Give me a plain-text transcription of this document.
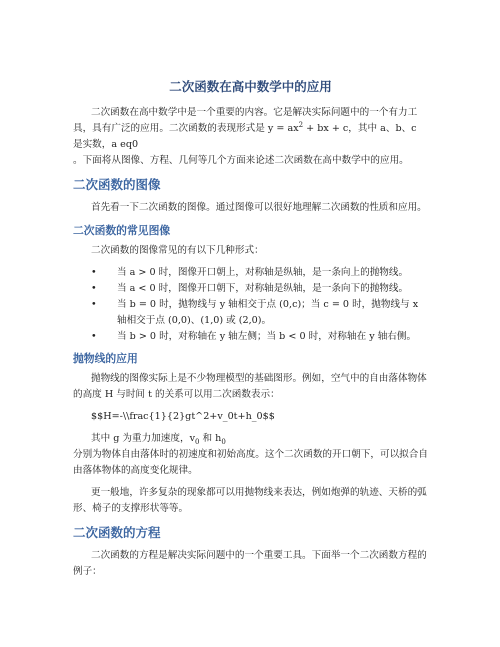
二次函数在高中数学中的应用

二次函数在高中数学中是一个重要的内容。它是解决实际问题中的一个有力工具，具有广泛的应用。二次函数的表现形式是 $y = ax^2$ + bx + c，其中 a、b、c 是实数，a eq0
。下面将从图像、方程、几何等几个方面来论述二次函数在高中数学中的应用。

二次函数的图像

首先看一下二次函数的图像。通过图像可以很好地理解二次函数的性质和应用。

二次函数的常见图像

二次函数的图像常见的有以下几种形式：

• 当 a > 0 时，图像开口朝上，对称轴是纵轴，是一条向上的抛物线。
• 当 a < 0 时，图像开口朝下，对称轴是纵轴，是一条向下的抛物线。
• 当 b = 0 时，抛物线与 y 轴相交于点 (0,c)；当 c = 0 时，抛物线与 x 轴相交于点 (0,0)、(1,0) 或 (2,0)。
• 当 b > 0 时，对称轴在 y 轴左侧；当 b < 0 时，对称轴在 y 轴右侧。
抛物线的应用

抛物线的图像实际上是不少物理模型的基础图形。例如，空气中的自由落体物体的高度 H 与时间 t 的关系可以用二次函数表示：

$$H=-\\frac{1}{2}gt^2+v_0t+h_0$$

其中 g 为重力加速度，$v_0$ 和 $h_0$
分别为物体自由落体时的初速度和初始高度。这个二次函数的开口朝下，可以拟合自由落体物体的高度变化规律。

更一般地，许多复杂的现象都可以用抛物线来表达，例如炮弹的轨迹、天桥的弧形、椅子的支撑形状等等。

二次函数的方程

二次函数的方程是解决实际问题中的一个重要工具。下面举一个二次函数方程的例子：
